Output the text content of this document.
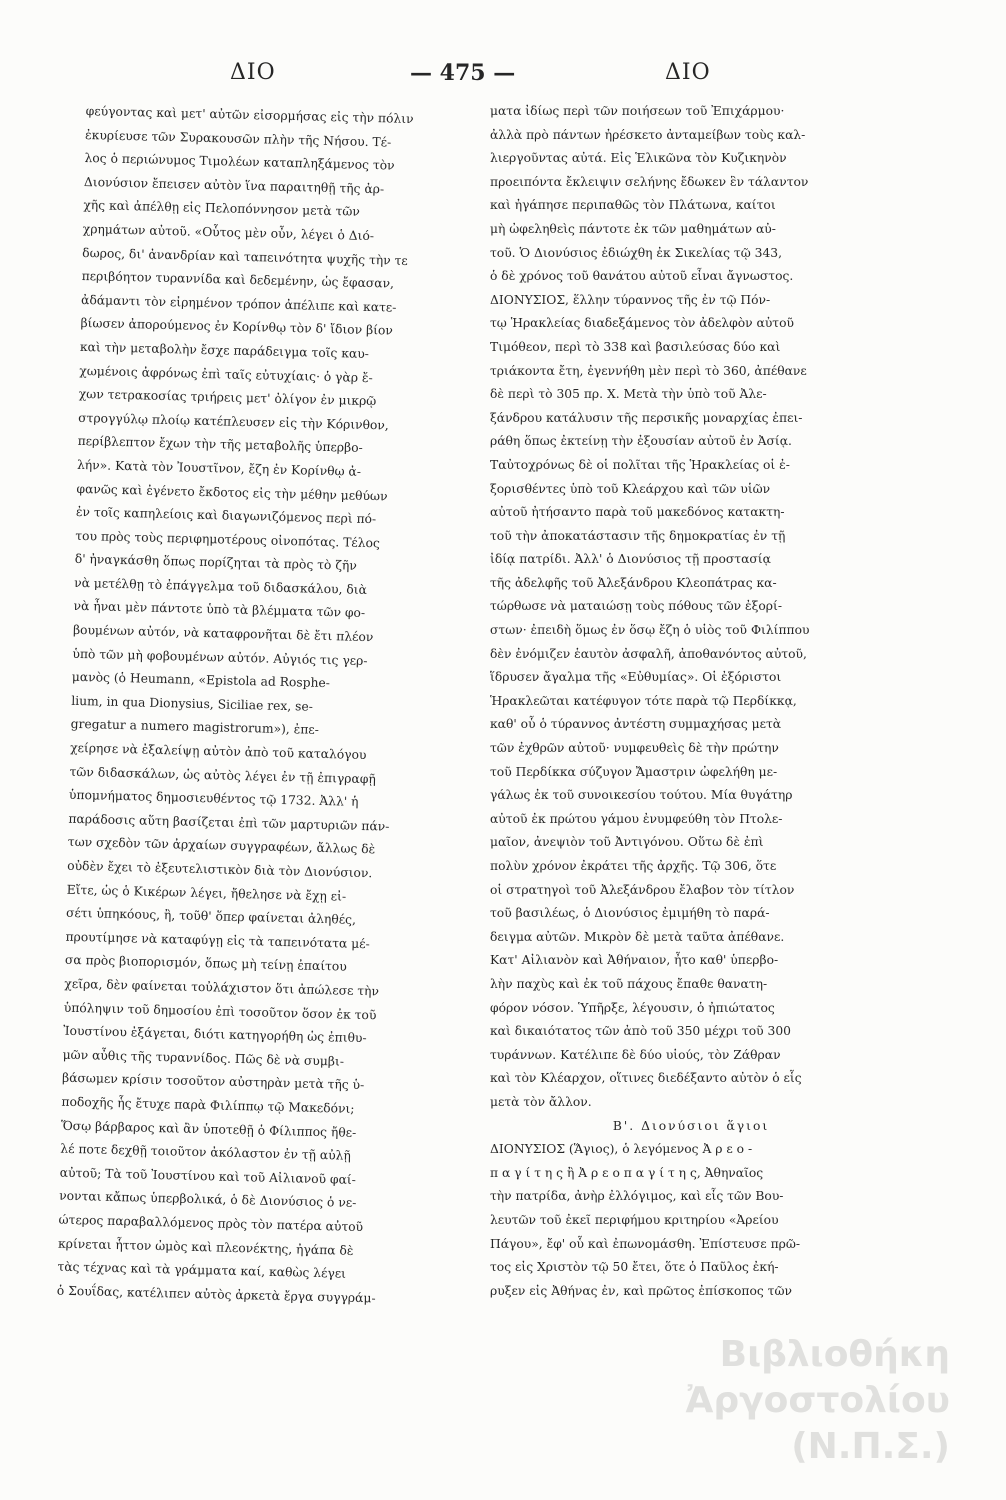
ΔΙΟ	— 475 —	ΔΙΟ
φεύγοντας καὶ μετ' αὐτῶν εἰσορμήσας εἰς τὴν πόλιν
ἐκυρίευσε τῶν Συρακουσῶν πλὴν τῆς Νήσου. Τέ-
λος ὁ περιώνυμος Τιμολέων καταπληξάμενος τὸν
Διονύσιον ἔπεισεν αὐτὸν ἵνα παραιτηθῇ τῆς ἀρ-
χῆς καὶ ἀπέλθῃ εἰς Πελοπόννησον μετὰ τῶν
χρημάτων αὐτοῦ. «Οὗτος μὲν οὖν, λέγει ὁ Διό-
δωρος, δι' ἀνανδρίαν καὶ ταπεινότητα ψυχῆς τὴν τε
περιβόητον τυραννίδα καὶ δεδεμένην, ὡς ἔφασαν,
ἀδάμαντι τὸν εἰρημένον τρόπον ἀπέλιπε καὶ κατε-
βίωσεν ἀπορούμενος ἐν Κορίνθῳ τὸν δ' ἴδιον βίον
καὶ τὴν μεταβολὴν ἔσχε παράδειγμα τοῖς καυ-
χωμένοις ἀφρόνως ἐπὶ ταῖς εὐτυχίαις· ὁ γὰρ ἔ-
χων τετρακοσίας τριήρεις μετ' ὀλίγον ἐν μικρῷ
στρογγύλῳ πλοίῳ κατέπλευσεν εἰς τὴν Κόρινθον,
περίβλεπτον ἔχων τὴν τῆς μεταβολῆς ὑπερβο-
λήν». Κατὰ τὸν Ἰουστῖνον, ἔζη ἐν Κορίνθῳ ἀ-
φανῶς καὶ ἐγένετο ἔκδοτος εἰς τὴν μέθην μεθύων
ἐν τοῖς καπηλείοις καὶ διαγωνιζόμενος περὶ πό-
του πρὸς τοὺς περιφημοτέρους οἰνοπότας. Τέλος
δ' ἠναγκάσθη ὅπως πορίζηται τὰ πρὸς τὸ ζῆν
νὰ μετέλθῃ τὸ ἐπάγγελμα τοῦ διδασκάλου, διὰ
νὰ ἦναι μὲν πάντοτε ὑπὸ τὰ βλέμματα τῶν φο-
βουμένων αὐτόν, νὰ καταφρονῆται δὲ ἔτι πλέον
ὑπὸ τῶν μὴ φοβουμένων αὐτόν. Αὐγιός τις γερ-
μανὸς (ὁ Heumann, «Epistola ad Rosphe-
lium, in qua Dionysius, Siciliae rex, se-
gregatur a numero magistrorum»), ἐπε-
χείρησε νὰ ἐξαλείψῃ αὐτὸν ἀπὸ τοῦ καταλόγου
τῶν διδασκάλων, ὡς αὐτὸς λέγει ἐν τῇ ἐπιγραφῇ
ὑπομνήματος δημοσιευθέντος τῷ 1732. Ἀλλ' ἡ
παράδοσις αὕτη βασίζεται ἐπὶ τῶν μαρτυριῶν πάν-
των σχεδὸν τῶν ἀρχαίων συγγραφέων, ἄλλως δὲ
οὐδὲν ἔχει τὸ ἐξευτελιστικὸν διὰ τὸν Διονύσιον.
Εἴτε, ὡς ὁ Κικέρων λέγει, ἤθελησε νὰ ἔχῃ εἰ-
σέτι ὑπηκόους, ἢ, τοῦθ' ὅπερ φαίνεται ἀληθές,
προυτίμησε νὰ καταφύγῃ εἰς τὰ ταπεινότατα μέ-
σα πρὸς βιοπορισμόν, ὅπως μὴ τείνῃ ἐπαίτου
χεῖρα, δὲν φαίνεται τοὐλάχιστον ὅτι ἀπώλεσε τὴν
ὑπόληψιν τοῦ δημοσίου ἐπὶ τοσοῦτον ὅσον ἐκ τοῦ
Ἰουστίνου ἐξάγεται, διότι κατηγορήθη ὡς ἐπιθυ-
μῶν αὖθις τῆς τυραννίδος. Πῶς δὲ νὰ συμβι-
βάσωμεν κρίσιν τοσοῦτον αὐστηρὰν μετὰ τῆς ὑ-
ποδοχῆς ἧς ἔτυχε παρὰ Φιλίππῳ τῷ Μακεδόνι;
Ὅσῳ βάρβαρος καὶ ἂν ὑποτεθῇ ὁ Φίλιππος ἤθε-
λέ ποτε δεχθῇ τοιοῦτον ἀκόλαστον ἐν τῇ αὐλῇ
αὐτοῦ; Τὰ τοῦ Ἰουστίνου καὶ τοῦ Αἰλιανοῦ φαί-
νονται κἄπως ὑπερβολικά, ὁ δὲ Διονύσιος ὁ νε-
ώτερος παραβαλλόμενος πρὸς τὸν πατέρα αὐτοῦ
κρίνεται ἧττον ὠμὸς καὶ πλεονέκτης, ἠγάπα δὲ
τὰς τέχνας καὶ τὰ γράμματα καί, καθὼς λέγει
ὁ Σουΐδας, κατέλιπεν αὐτὸς ἀρκετὰ ἔργα συγγράμ-
ματα ἰδίως περὶ τῶν ποιήσεων τοῦ Ἐπιχάρμου·
ἀλλὰ πρὸ πάντων ἠρέσκετο ἀνταμείβων τοὺς καλ-
λιεργοῦντας αὐτά. Εἰς Ἑλικῶνα τὸν Κυζικηνὸν
προειπόντα ἔκλειψιν σελήνης ἔδωκεν ἓν τάλαντον
καὶ ἠγάπησε περιπαθῶς τὸν Πλάτωνα, καίτοι
μὴ ὠφεληθεὶς πάντοτε ἐκ τῶν μαθημάτων αὐ-
τοῦ. Ὁ Διονύσιος ἐδιώχθη ἐκ Σικελίας τῷ 343,
ὁ δὲ χρόνος τοῦ θανάτου αὐτοῦ εἶναι ἄγνωστος.
ΔΙΟΝΥΣΙΟΣ, ἕλλην τύραννος τῆς ἐν τῷ Πόν-
τῳ Ἡρακλείας διαδεξάμενος τὸν ἀδελφὸν αὐτοῦ
Τιμόθεον, περὶ τὸ 338 καὶ βασιλεύσας δύο καὶ
τριάκοντα ἔτη, ἐγεννήθη μὲν περὶ τὸ 360, ἀπέθανε
δὲ περὶ τὸ 305 πρ. Χ. Μετὰ τὴν ὑπὸ τοῦ Ἀλε-
ξάνδρου κατάλυσιν τῆς περσικῆς μοναρχίας ἐπει-
ράθη ὅπως ἐκτείνῃ τὴν ἐξουσίαν αὐτοῦ ἐν Ἀσίᾳ.
Ταὐτοχρόνως δὲ οἱ πολῖται τῆς Ἡρακλείας οἱ ἐ-
ξορισθέντες ὑπὸ τοῦ Κλεάρχου καὶ τῶν υἱῶν
αὐτοῦ ἠτήσαντο παρὰ τοῦ μακεδόνος κατακτη-
τοῦ τὴν ἀποκατάστασιν τῆς δημοκρατίας ἐν τῇ
ἰδίᾳ πατρίδι. Ἀλλ' ὁ Διονύσιος τῇ προστασίᾳ
τῆς ἀδελφῆς τοῦ Ἀλεξάνδρου Κλεοπάτρας κα-
τώρθωσε νὰ ματαιώσῃ τοὺς πόθους τῶν ἐξορί-
στων· ἐπειδὴ ὅμως ἐν ὅσῳ ἔζη ὁ υἱὸς τοῦ Φιλίππου
δὲν ἐνόμιζεν ἑαυτὸν ἀσφαλῆ, ἀποθανόντος αὐτοῦ,
ἵδρυσεν ἄγαλμα τῆς «Εὐθυμίας». Οἱ ἐξόριστοι
Ἡρακλεῶται κατέφυγον τότε παρὰ τῷ Περδίκκᾳ,
καθ' οὗ ὁ τύραννος ἀντέστη συμμαχήσας μετὰ
τῶν ἐχθρῶν αὐτοῦ· νυμφευθεὶς δὲ τὴν πρώτην
τοῦ Περδίκκα σύζυγον Ἄμαστριν ὠφελήθη με-
γάλως ἐκ τοῦ συνοικεσίου τούτου. Μία θυγάτηρ
αὐτοῦ ἐκ πρώτου γάμου ἐνυμφεύθη τὸν Πτολε-
μαῖον, ἀνεψιὸν τοῦ Ἀντιγόνου. Οὕτω δὲ ἐπὶ
πολὺν χρόνον ἐκράτει τῆς ἀρχῆς. Τῷ 306, ὅτε
οἱ στρατηγοὶ τοῦ Ἀλεξάνδρου ἔλαβον τὸν τίτλον
τοῦ βασιλέως, ὁ Διονύσιος ἐμιμήθη τὸ παρά-
δειγμα αὐτῶν. Μικρὸν δὲ μετὰ ταῦτα ἀπέθανε.
Κατ' Αἰλιανὸν καὶ Ἀθήναιον, ἦτο καθ' ὑπερβο-
λὴν παχὺς καὶ ἐκ τοῦ πάχους ἔπαθε θανατη-
φόρον νόσον. Ὑπῆρξε, λέγουσιν, ὁ ἠπιώτατος
καὶ δικαιότατος τῶν ἀπὸ τοῦ 350 μέχρι τοῦ 300
τυράννων. Κατέλιπε δὲ δύο υἱούς, τὸν Ζάθραν
καὶ τὸν Κλέαρχον, οἵτινες διεδέξαντο αὐτὸν ὁ εἷς
μετὰ τὸν ἄλλον.
Β'. Διονύσιοι ἅγιοι
ΔΙΟΝΥΣΙΟΣ (Ἅγιος), ὁ λεγόμενος Ἀ ρ ε ο -
π α γ ί τ η ς ἢ Ἀ ρ ε ο π α γ ί τ η ς, Ἀθηναῖος
τὴν πατρίδα, ἀνὴρ ἐλλόγιμος, καὶ εἷς τῶν Βου-
λευτῶν τοῦ ἐκεῖ περιφήμου κριτηρίου «Ἀρείου
Πάγου», ἔφ' οὗ καὶ ἐπωνομάσθη. Ἐπίστευσε πρῶ-
τος εἰς Χριστὸν τῷ 50 ἔτει, ὅτε ὁ Παῦλος ἐκή-
ρυξεν εἰς Ἀθήνας ἐν, καὶ πρῶτος ἐπίσκοπος τῶν
Βιβλιοθήκη
Ἀργοστολίου (Ν.Π.Σ.)
